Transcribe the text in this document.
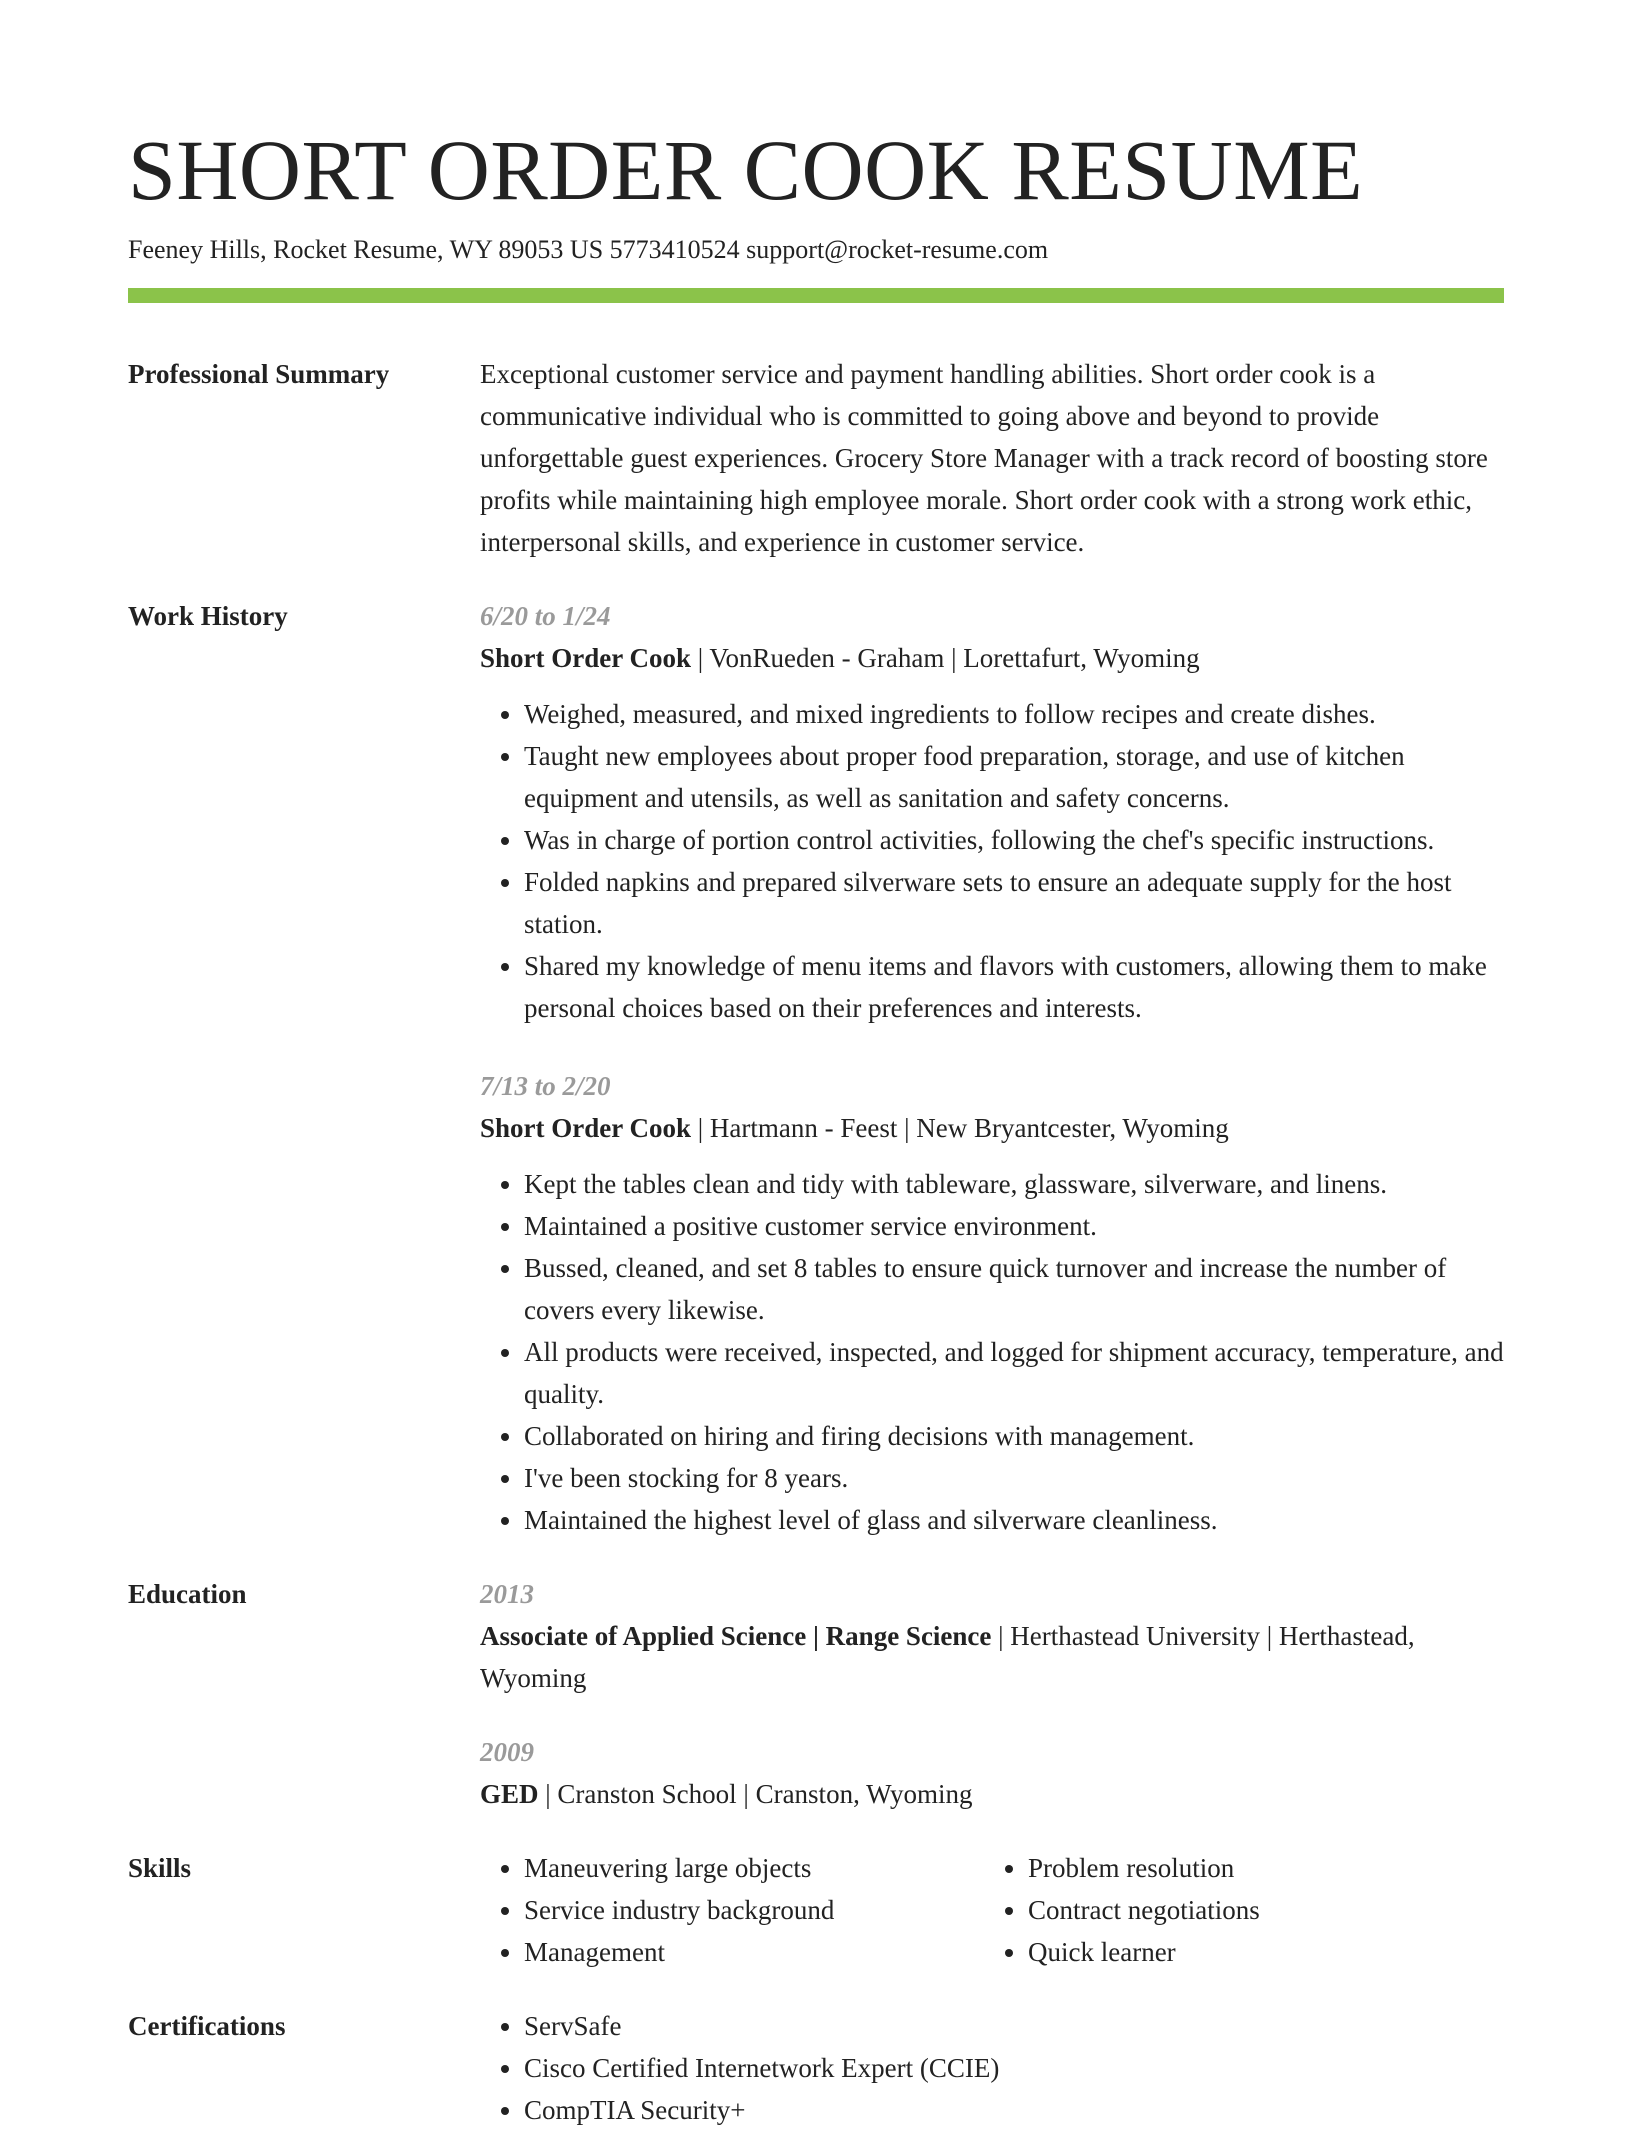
SHORT ORDER COOK RESUME
Feeney Hills, Rocket Resume, WY 89053 US 5773410524 support@rocket-resume.com
Professional Summary	Exceptional customer service and payment handling abilities. Short order cook is a communicative individual who is committed to going above and beyond to provide unforgettable guest experiences. Grocery Store Manager with a track record of boosting store profits while maintaining high employee morale. Short order cook with a strong work ethic, interpersonal skills, and experience in customer service.

Work History	6/20 to 1/24
Short Order Cook | VonRueden - Graham | Lorettafurt, Wyoming
• Weighed, measured, and mixed ingredients to follow recipes and create dishes.
• Taught new employees about proper food preparation, storage, and use of kitchen equipment and utensils, as well as sanitation and safety concerns.
• Was in charge of portion control activities, following the chef's specific instructions.
• Folded napkins and prepared silverware sets to ensure an adequate supply for the host station.
• Shared my knowledge of menu items and flavors with customers, allowing them to make personal choices based on their preferences and interests.
7/13 to 2/20
Short Order Cook | Hartmann - Feest | New Bryantcester, Wyoming
• Kept the tables clean and tidy with tableware, glassware, silverware, and linens.
• Maintained a positive customer service environment.
• Bussed, cleaned, and set 8 tables to ensure quick turnover and increase the number of covers every likewise.
• All products were received, inspected, and logged for shipment accuracy, temperature, and quality.
• Collaborated on hiring and firing decisions with management.
• I've been stocking for 8 years.
• Maintained the highest level of glass and silverware cleanliness.
Education	2013
Associate of Applied Science | Range Science | Herthastead University | Herthastead, Wyoming
2009
GED | Cranston School | Cranston, Wyoming
Skills	• Maneuvering large objects
• Service industry background
• Management
• Problem resolution
• Contract negotiations
• Quick learner
Certifications	• ServSafe
• Cisco Certified Internetwork Expert (CCIE)
• CompTIA Security+
